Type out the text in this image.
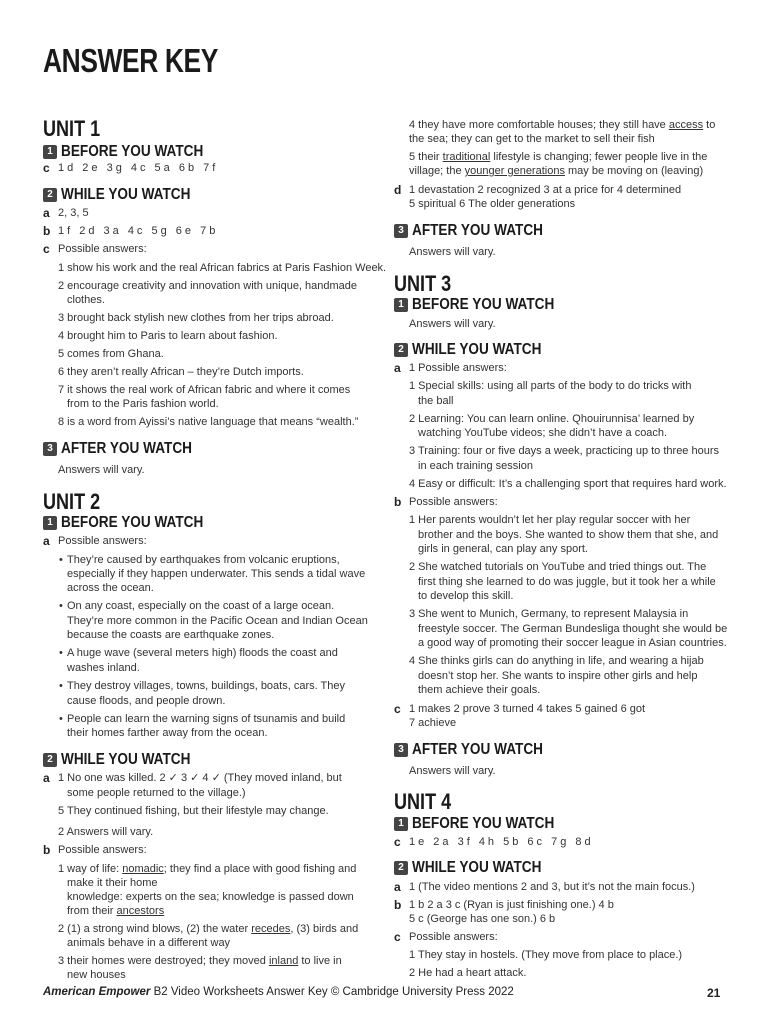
ANSWER KEY
UNIT 1
1 BEFORE YOU WATCH
c 1d 2e 3g 4c 5a 6b 7f
2 WHILE YOU WATCH
a 2, 3, 5
b 1f 2d 3a 4c 5g 6e 7b
c Possible answers:
1 show his work and the real African fabrics at Paris Fashion Week.
2 encourage creativity and innovation with unique, handmade
clothes.
3 brought back stylish new clothes from her trips abroad.
4 brought him to Paris to learn about fashion.
5 comes from Ghana.
6 they aren’t really African – they’re Dutch imports.
7 it shows the real work of African fabric and where it comes
from to the Paris fashion world.
8 is a word from Ayissi’s native language that means “wealth.”
3 AFTER YOU WATCH
Answers will vary.
UNIT 2
1 BEFORE YOU WATCH
a Possible answers:
• They’re caused by earthquakes from volcanic eruptions,
especially if they happen underwater. This sends a tidal wave
across the ocean.
• On any coast, especially on the coast of a large ocean.
They’re more common in the Pacific Ocean and Indian Ocean
because the coasts are earthquake zones.
• A huge wave (several meters high) floods the coast and
washes inland.
• They destroy villages, towns, buildings, boats, cars. They
cause floods, and people drown.
• People can learn the warning signs of tsunamis and build
their homes farther away from the ocean.
2 WHILE YOU WATCH
a 1 No one was killed. 2 ✓ 3 ✓ 4 ✓ (They moved inland, but
some people returned to the village.)
5 They continued fishing, but their lifestyle may change.
2 Answers will vary.
b Possible answers:
1 way of life: nomadic; they find a place with good fishing and
make it their home
knowledge: experts on the sea; knowledge is passed down
from their ancestors
2 (1) a strong wind blows, (2) the water recedes, (3) birds and
animals behave in a different way
3 their homes were destroyed; they moved inland to live in
new houses
4 they have more comfortable houses; they still have access to
the sea; they can get to the market to sell their fish
5 their traditional lifestyle is changing; fewer people live in the
village; the younger generations may be moving on (leaving)
d 1 devastation 2 recognized 3 at a price for 4 determined
5 spiritual 6 The older generations
3 AFTER YOU WATCH
Answers will vary.
UNIT 3
1 BEFORE YOU WATCH
Answers will vary.
2 WHILE YOU WATCH
a 1 Possible answers:
1 Special skills: using all parts of the body to do tricks with
the ball
2 Learning: You can learn online. Qhouirunnisa’ learned by
watching YouTube videos; she didn’t have a coach.
3 Training: four or five days a week, practicing up to three hours
in each training session
4 Easy or difficult: It’s a challenging sport that requires hard work.
b Possible answers:
1 Her parents wouldn’t let her play regular soccer with her
brother and the boys. She wanted to show them that she, and
girls in general, can play any sport.
2 She watched tutorials on YouTube and tried things out. The
first thing she learned to do was juggle, but it took her a while
to develop this skill.
3 She went to Munich, Germany, to represent Malaysia in
freestyle soccer. The German Bundesliga thought she would be
a good way of promoting their soccer league in Asian countries.
4 She thinks girls can do anything in life, and wearing a hijab
doesn’t stop her. She wants to inspire other girls and help
them achieve their goals.
c 1 makes 2 prove 3 turned 4 takes 5 gained 6 got
7 achieve
3 AFTER YOU WATCH
Answers will vary.
UNIT 4
1 BEFORE YOU WATCH
c 1e 2a 3f 4h 5b 6c 7g 8d
2 WHILE YOU WATCH
a 1 (The video mentions 2 and 3, but it’s not the main focus.)
b 1 b 2 a 3 c (Ryan is just finishing one.) 4 b
5 c (George has one son.) 6 b
c Possible answers:
1 They stay in hostels. (They move from place to place.)
2 He had a heart attack.
American Empower B2 Video Worksheets Answer Key © Cambridge University Press 2022	21
